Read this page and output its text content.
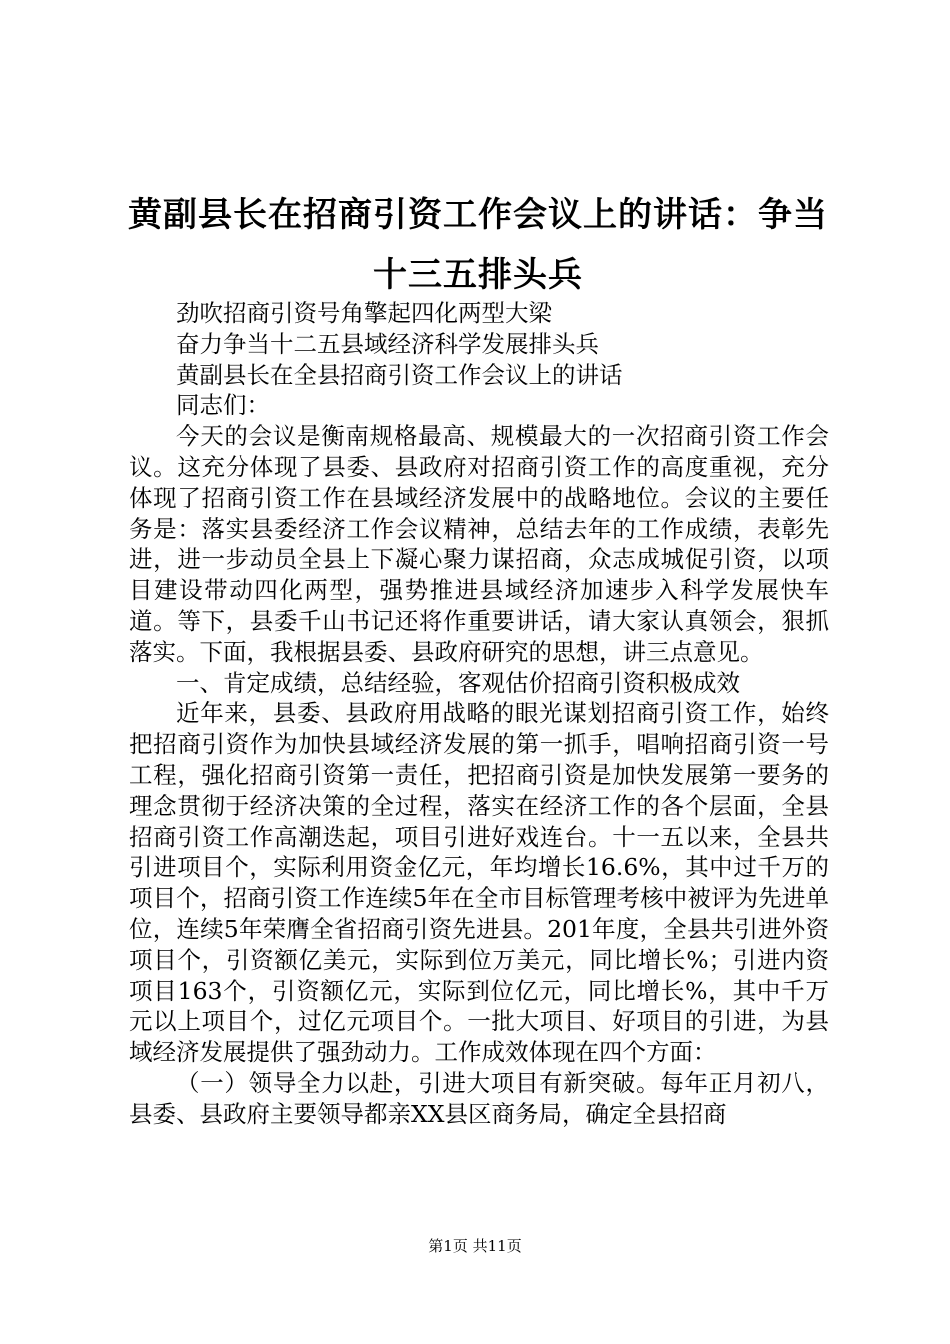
黄副县长在招商引资工作会议上的讲话：争当十三五排头兵

劲吹招商引资号角擎起四化两型大梁

奋力争当十二五县域经济科学发展排头兵

黄副县长在全县招商引资工作会议上的讲话

同志们：

今天的会议是衡南规格最高、规模最大的一次招商引资工作会议。这充分体现了县委、县政府对招商引资工作的高度重视，充分体现了招商引资工作在县域经济发展中的战略地位。会议的主要任务是：落实县委经济工作会议精神，总结去年的工作成绩，表彰先进，进一步动员全县上下凝心聚力谋招商，众志成城促引资，以项目建设带动四化两型，强势推进县域经济加速步入科学发展快车道。等下，县委千山书记还将作重要讲话，请大家认真领会，狠抓落实。下面，我根据县委、县政府研究的思想，讲三点意见。

一、肯定成绩，总结经验，客观估价招商引资积极成效

近年来，县委、县政府用战略的眼光谋划招商引资工作，始终把招商引资作为加快县域经济发展的第一抓手，唱响招商引资一号工程，强化招商引资第一责任，把招商引资是加快发展第一要务的理念贯彻于经济决策的全过程，落实在经济工作的各个层面，全县招商引资工作高潮迭起，项目引进好戏连台。十一五以来，全县共引进项目个，实际利用资金亿元，年均增长16.6%，其中过千万的项目个，招商引资工作连续5年在全市目标管理考核中被评为先进单位，连续5年荣膺全省招商引资先进县。201年度，全县共引进外资项目个，引资额亿美元，实际到位万美元，同比增长%；引进内资项目163个，引资额亿元，实际到位亿元，同比增长%，其中千万元以上项目个，过亿元项目个。一批大项目、好项目的引进，为县域经济发展提供了强劲动力。工作成效体现在四个方面：

（一）领导全力以赴，引进大项目有新突破。每年正月初八，县委、县政府主要领导都亲XX县区商务局，确定全县招商

第1页 共11页
